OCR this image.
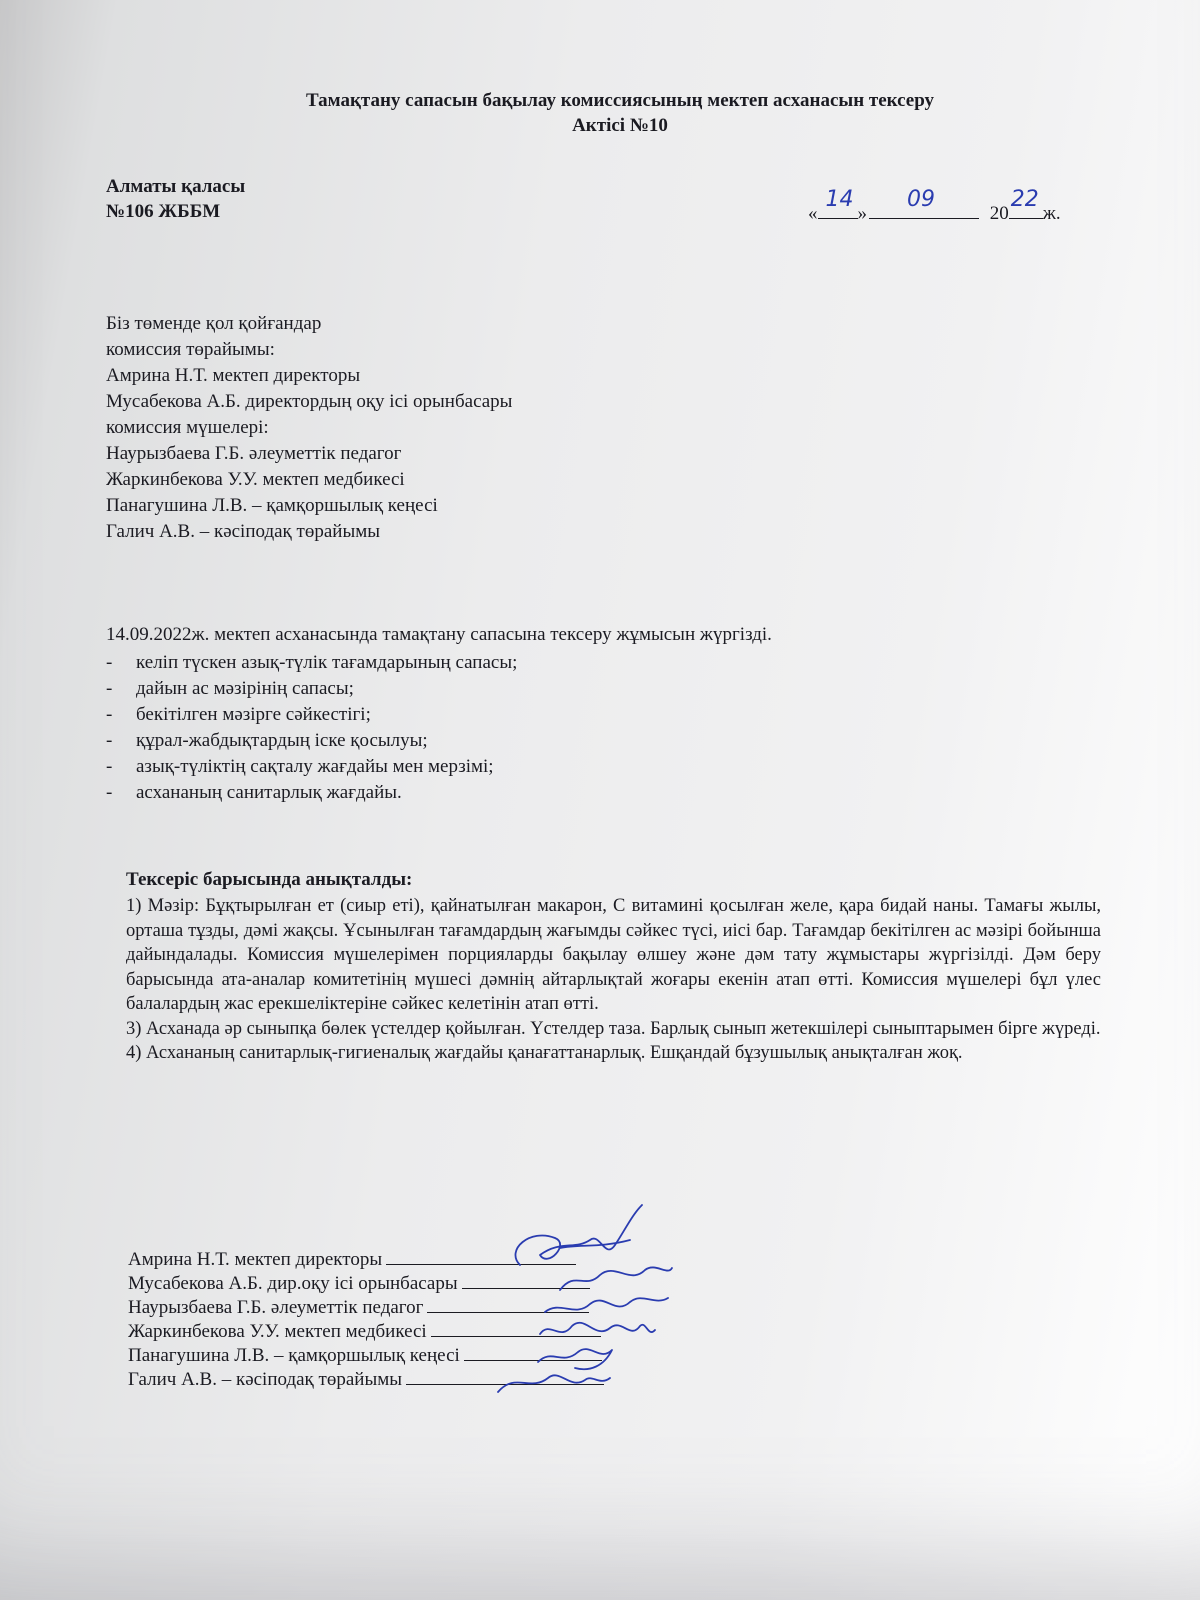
Тамақтану сапасын бақылау комиссиясының мектеп асханасын тексеру
Актісі №10
Алматы қаласы
№106 ЖББМ	«
14
»
09
20
22
ж.
Біз төменде қол қойғандар
комиссия төрайымы:
Амрина Н.Т. мектеп директоры
Мусабекова А.Б. директордың оқу ісі орынбасары
комиссия мүшелері:
Наурызбаева Г.Б. әлеуметтік педагог
Жаркинбекова У.У. мектеп медбикесі
Панагушина Л.В. – қамқоршылық кеңесі
Галич А.В. – кәсіподақ төрайымы
14.09.2022ж. мектеп асханасында тамақтану сапасына тексеру жұмысын жүргізді.
- келіп түскен азық-түлік тағамдарының сапасы;
- дайын ас мәзірінің сапасы;
- бекітілген мәзірге сәйкестігі;
- құрал-жабдықтардың іске қосылуы;
- азық-түліктің сақталу жағдайы мен мерзімі;
- асхананың санитарлық жағдайы.
Тексеріс барысында анықталды:

1) Мәзір: Бұқтырылған ет (сиыр еті), қайнатылған макарон, С витамині қосылған желе, қара бидай наны. Тамағы жылы, орташа тұзды, дәмі жақсы. Ұсынылған тағамдардың жағымды сәйкес түсі, иісі бар. Тағамдар бекітілген ас мәзірі бойынша дайындалады. Комиссия мүшелерімен порцияларды бақылау өлшеу және дәм тату жұмыстары жүргізілді. Дәм беру барысында ата-аналар комитетінің мүшесі дәмнің айтарлықтай жоғары екенін атап өтті. Комиссия мүшелері бұл үлес балалардың жас ерекшеліктеріне сәйкес келетінін атап өтті.

3) Асханада әр сыныпқа бөлек үстелдер қойылған. Үстелдер таза. Барлық сынып жетекшілері сыныптарымен бірге жүреді.

4) Асхананың санитарлық-гигиеналық жағдайы қанағаттанарлық. Ешқандай бұзушылық анықталған жоқ.

Амрина Н.Т. мектеп директоры
Мусабекова А.Б. дир.оқу ісі орынбасары
Наурызбаева Г.Б. әлеуметтік педагог
Жаркинбекова У.У. мектеп медбикесі
Панагушина Л.В. – қамқоршылық кеңесі
Галич А.В. – кәсіподақ төрайымы
